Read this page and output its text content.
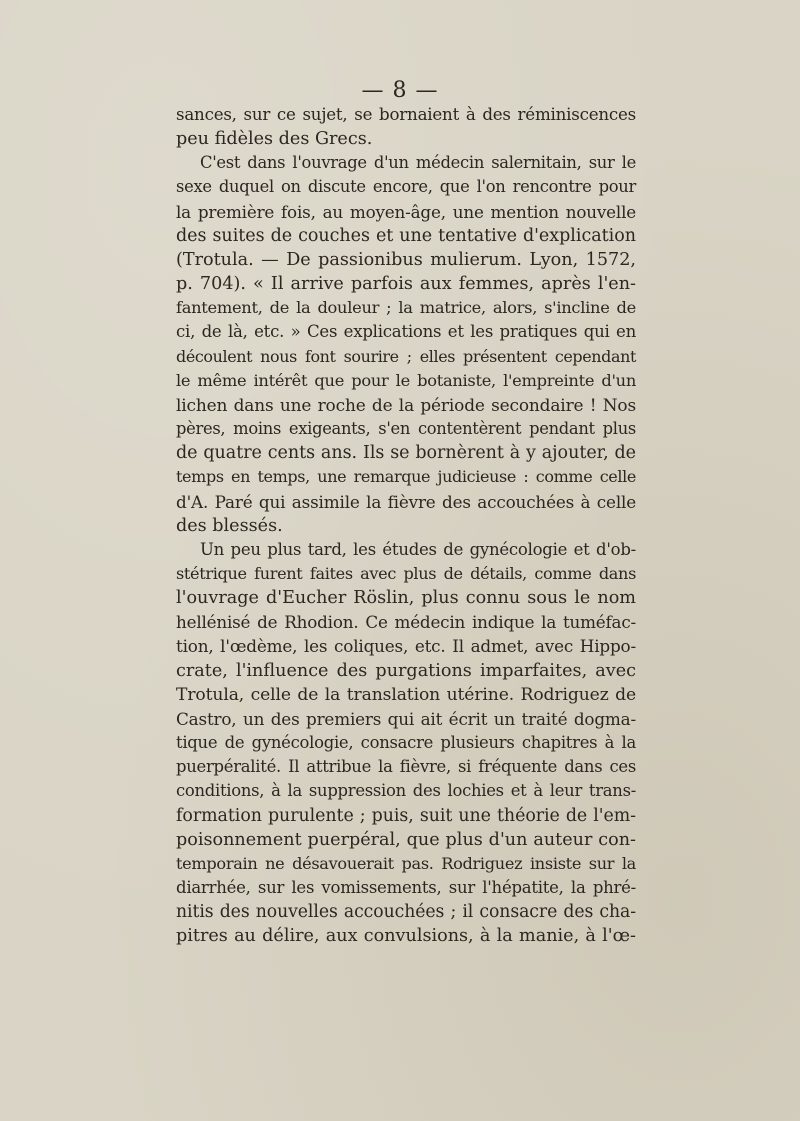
— 8 —
sances, sur ce sujet, se bornaient à des réminiscences
peu fidèles des Grecs.
C'est dans l'ouvrage d'un médecin salernitain, sur le
sexe duquel on discute encore, que l'on rencontre pour
la première fois, au moyen-âge, une mention nouvelle
des suites de couches et une tentative d'explication
(Trotula. — De passionibus mulierum. Lyon, 1572,
p. 704). « Il arrive parfois aux femmes, après l'en-
fantement, de la douleur ; la matrice, alors, s'incline de
ci, de là, etc. » Ces explications et les pratiques qui en
découlent nous font sourire ; elles présentent cependant
le même intérêt que pour le botaniste, l'empreinte d'un
lichen dans une roche de la période secondaire ! Nos
pères, moins exigeants, s'en contentèrent pendant plus
de quatre cents ans. Ils se bornèrent à y ajouter, de
temps en temps, une remarque judicieuse : comme celle
d'A. Paré qui assimile la fièvre des accouchées à celle
des blessés.
Un peu plus tard, les études de gynécologie et d'ob-
stétrique furent faites avec plus de détails, comme dans
l'ouvrage d'Eucher Röslin, plus connu sous le nom
hellénisé de Rhodion. Ce médecin indique la tuméfac-
tion, l'œdème, les coliques, etc. Il admet, avec Hippo-
crate, l'influence des purgations imparfaites, avec
Trotula, celle de la translation utérine. Rodriguez de
Castro, un des premiers qui ait écrit un traité dogma-
tique de gynécologie, consacre plusieurs chapitres à la
puerpéralité. Il attribue la fièvre, si fréquente dans ces
conditions, à la suppression des lochies et à leur trans-
formation purulente ; puis, suit une théorie de l'em-
poisonnement puerpéral, que plus d'un auteur con-
temporain ne désavouerait pas. Rodriguez insiste sur la
diarrhée, sur les vomissements, sur l'hépatite, la phré-
nitis des nouvelles accouchées ; il consacre des cha-
pitres au délire, aux convulsions, à la manie, à l'œ-
